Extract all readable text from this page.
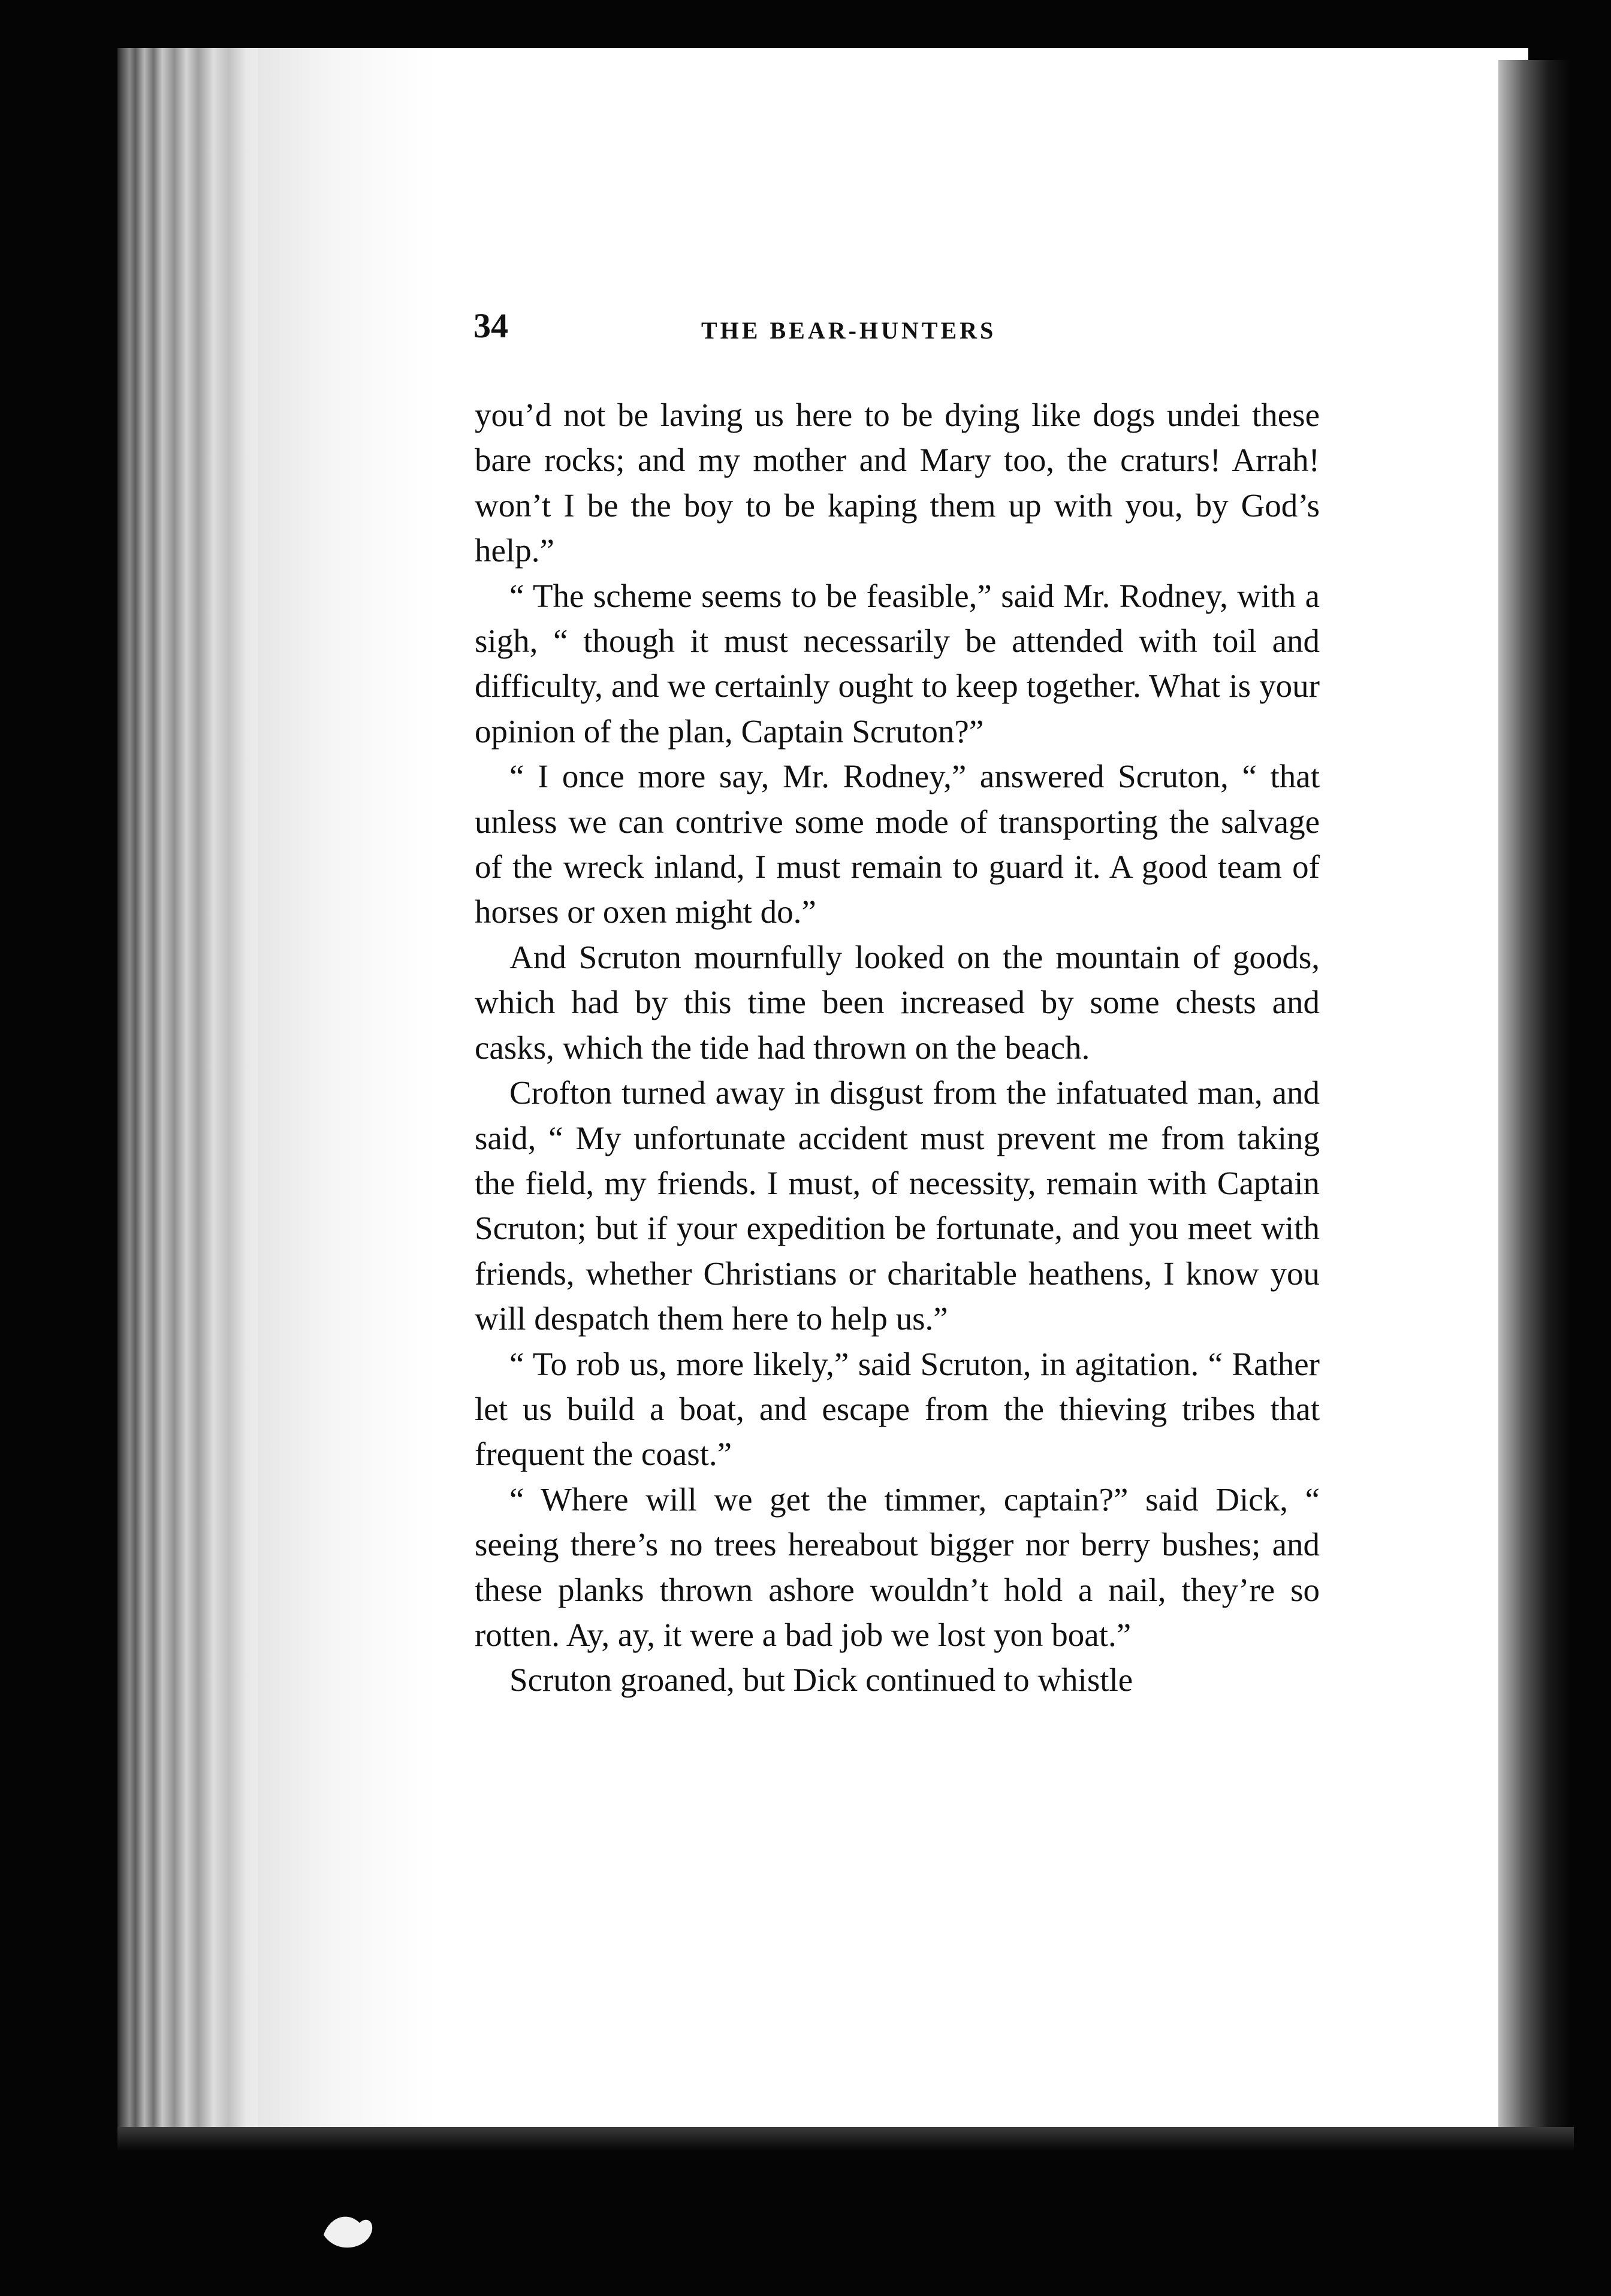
34	THE BEAR-HUNTERS

you’d not be laving us here to be dying like dogs undei these bare rocks; and my mother and Mary too, the craturs! Arrah! won’t I be the boy to be kaping them up with you, by God’s help.”

“ The scheme seems to be feasible,” said Mr. Rodney, with a sigh, “ though it must necessarily be attended with toil and difficulty, and we certainly ought to keep together. What is your opinion of the plan, Captain Scruton?”

“ I once more say, Mr. Rodney,” answered Scruton, “ that unless we can contrive some mode of transporting the salvage of the wreck inland, I must remain to guard it. A good team of horses or oxen might do.”

And Scruton mournfully looked on the mountain of goods, which had by this time been increased by some chests and casks, which the tide had thrown on the beach.

Crofton turned away in disgust from the infatuated man, and said, “ My unfortunate accident must prevent me from taking the field, my friends. I must, of necessity, remain with Captain Scruton; but if your expedition be fortunate, and you meet with friends, whether Christians or charitable heathens, I know you will despatch them here to help us.”

“ To rob us, more likely,” said Scruton, in agitation. “ Rather let us build a boat, and escape from the thieving tribes that frequent the coast.”

“ Where will we get the timmer, captain?” said Dick, “ seeing there’s no trees hereabout bigger nor berry bushes; and these planks thrown ashore wouldn’t hold a nail, they’re so rotten. Ay, ay, it were a bad job we lost yon boat.”

Scruton groaned, but Dick continued to whistle
